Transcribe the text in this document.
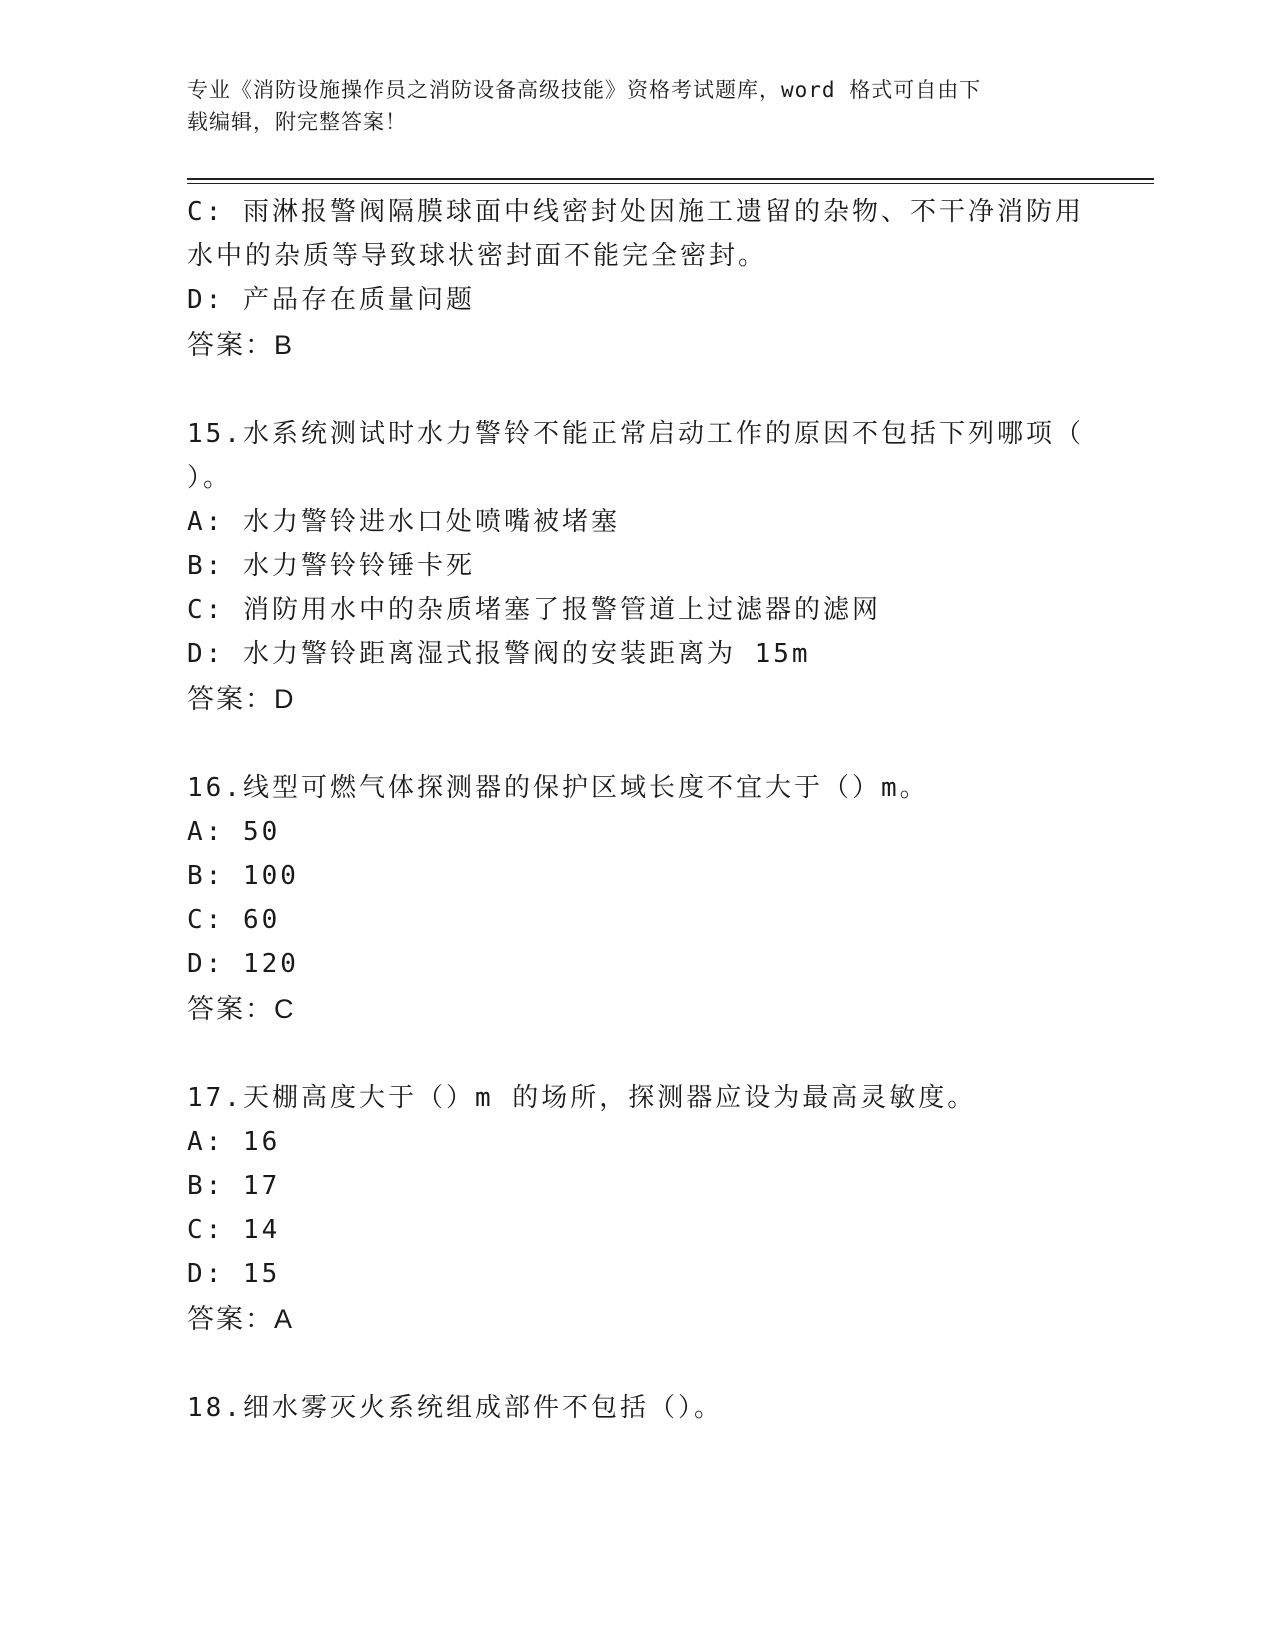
专业《消防设施操作员之消防设备高级技能》资格考试题库，word 格式可自由下
载编辑，附完整答案！

C: 雨淋报警阀隔膜球面中线密封处因施工遗留的杂物、不干净消防用

水中的杂质等导致球状密封面不能完全密封。

D: 产品存在质量问题

答案：B

15.水系统测试时水力警铃不能正常启动工作的原因不包括下列哪项（

）。

A: 水力警铃进水口处喷嘴被堵塞

B: 水力警铃铃锤卡死

C: 消防用水中的杂质堵塞了报警管道上过滤器的滤网

D: 水力警铃距离湿式报警阀的安装距离为 15m

答案：D

16.线型可燃气体探测器的保护区域长度不宜大于（）m。

A: 50

B: 100

C: 60

D: 120

答案：C

17.天棚高度大于（）m 的场所，探测器应设为最高灵敏度。

A: 16

B: 17

C: 14

D: 15

答案：A

18.细水雾灭火系统组成部件不包括（）。
